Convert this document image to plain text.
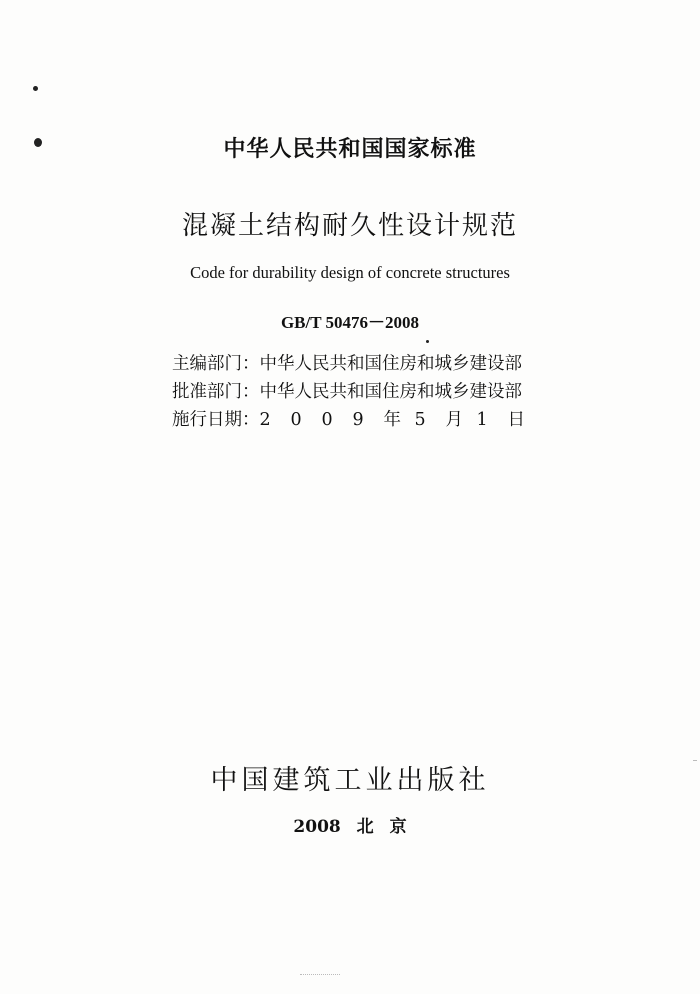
中华人民共和国国家标准
混凝土结构耐久性设计规范
Code for durability design of concrete structures
GB/T 50476－2008
主编部门： 中华人民共和国住房和城乡建设部
批准部门： 中华人民共和国住房和城乡建设部
施行日期： 2	0	0	9	年 5	月 1	日
中国建筑工业出版社
2008 北 京
